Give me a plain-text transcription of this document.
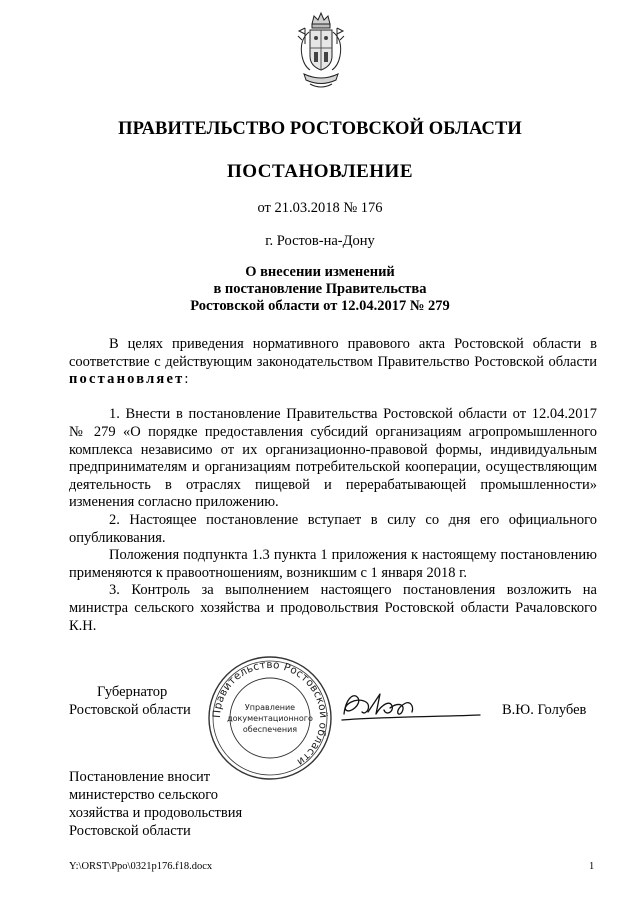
ПРАВИТЕЛЬСТВО РОСТОВСКОЙ ОБЛАСТИ
ПОСТАНОВЛЕНИЕ
от 21.03.2018 № 176
г. Ростов-на-Дону
О внесении изменений
в постановление Правительства
Ростовской области от 12.04.2017 № 279

В целях приведения нормативного правового акта Ростовской области в соответствие с действующим законодательством Правительство Ростовской области постановляет:

1. Внести в постановление Правительства Ростовской области от 12.04.2017 № 279 «О порядке предоставления субсидий организациям агропромышленного комплекса независимо от их организационно-правовой формы, индивидуальным предпринимателям и организациям потребительской кооперации, осуществляющим деятельность в отраслях пищевой и перерабатывающей промышленности» изменения согласно приложению.

2. Настоящее постановление вступает в силу со дня его официального опубликования.

Положения подпункта 1.3 пункта 1 приложения к настоящему постановлению применяются к правоотношениям, возникшим с 1 января 2018 г.

3. Контроль за выполнением настоящего постановления возложить на министра сельского хозяйства и продовольствия Ростовской области Рачаловского К.Н.

Губернатор
Ростовской области	В.Ю. Голубев
Правительство Ростовской области
Управление
документационного
обеспечения
Постановление вносит
министерство сельского
хозяйства и продовольствия
Ростовской области
Y:\ORST\Ppo\0321p176.f18.docx	1
